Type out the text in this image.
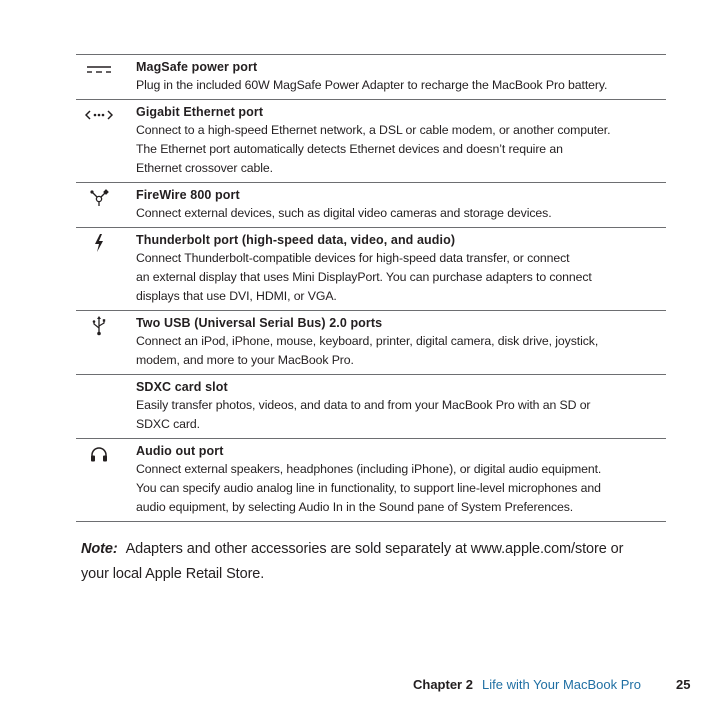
MagSafe power port
Plug in the included 60W MagSafe Power Adapter to recharge the MacBook Pro battery.
Gigabit Ethernet port
Connect to a high-speed Ethernet network, a DSL or cable modem, or another computer.
The Ethernet port automatically detects Ethernet devices and doesn’t require an
Ethernet crossover cable.
FireWire 800 port
Connect external devices, such as digital video cameras and storage devices.
Thunderbolt port (high-speed data, video, and audio)
Connect Thunderbolt-compatible devices for high-speed data transfer, or connect
an external display that uses Mini DisplayPort. You can purchase adapters to connect
displays that use DVI, HDMI, or VGA.
Two USB (Universal Serial Bus) 2.0 ports
Connect an iPod, iPhone, mouse, keyboard, printer, digital camera, disk drive, joystick,
modem, and more to your MacBook Pro.
SDXC card slot
Easily transfer photos, videos, and data to and from your MacBook Pro with an SD or
SDXC card.
Audio out port
Connect external speakers, headphones (including iPhone), or digital audio equipment.
You can specify audio analog line in functionality, to support line-level microphones and
audio equipment, by selecting Audio In in the Sound pane of System Preferences.
Note: Adapters and other accessories are sold separately at www.apple.com/store or
your local Apple Retail Store.
Chapter 2 Life with Your MacBook Pro	25
